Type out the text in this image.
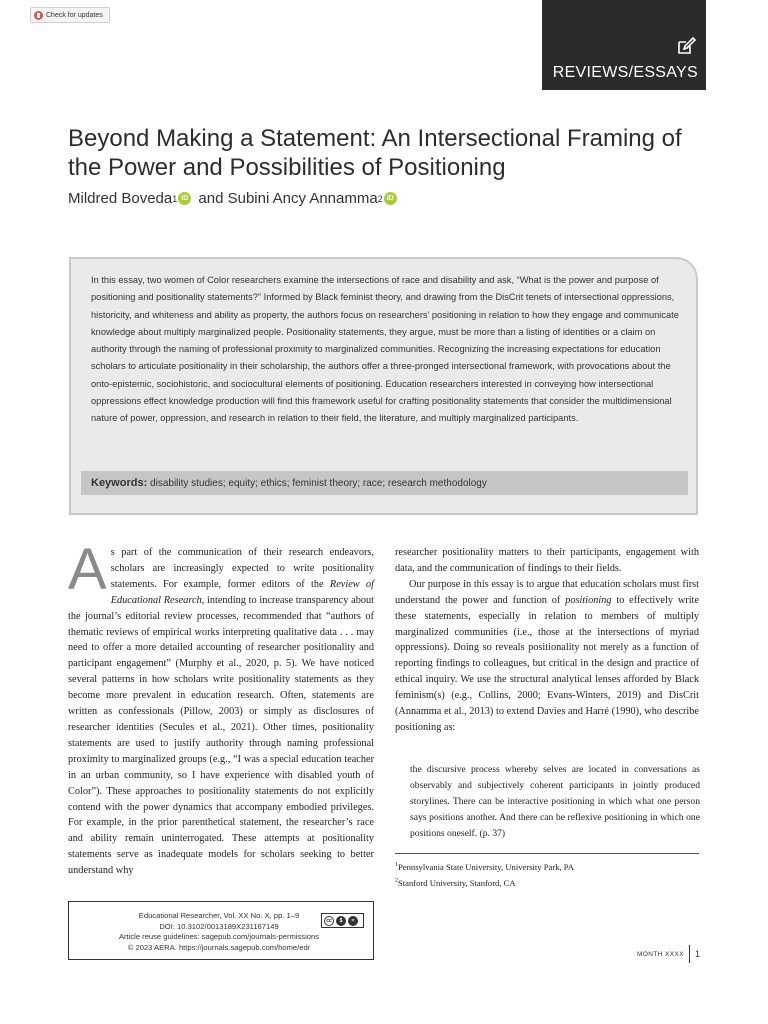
Check for updates
REVIEWS/ESSAYS
Beyond Making a Statement: An Intersectional Framing of the Power and Possibilities of Positioning
Mildred Boveda 1 iD
and Subini Ancy Annamma 2 iD

In this essay, two women of Color researchers examine the intersections of race and disability and ask, “What is the power and purpose of positioning and positionality statements?” Informed by Black feminist theory, and drawing from the DisCrit tenets of intersectional oppressions, historicity, and whiteness and ability as property, the authors focus on researchers’ positioning in relation to how they engage and communicate knowledge about multiply marginalized people. Positionality statements, they argue, must be more than a listing of identities or a claim on authority through the naming of professional proximity to marginalized communities. Recognizing the increasing expectations for education scholars to articulate positionality in their scholarship, the authors offer a three-pronged intersectional framework, with provocations about the onto-epistemic, sociohistoric, and sociocultural elements of positioning. Education researchers interested in conveying how intersectional oppressions effect knowledge production will find this framework useful for crafting positionality statements that consider the multidimensional nature of power, oppression, and research in relation to their field, the literature, and multiply marginalized participants.

Keywords: disability studies; equity; ethics; feminist theory; race; research methodology

As part of the communication of their research endeavors, scholars are increasingly expected to write positionality statements. For example, former editors of the Review of Educational Research, intending to increase transparency about the journal’s editorial review processes, recommended that “authors of thematic reviews of empirical works interpreting qualitative data . . . may need to offer a more detailed accounting of researcher positionality and participant engagement” (Murphy et al., 2020, p. 5). We have noticed several patterns in how scholars write positionality statements as they become more prevalent in education research. Often, statements are written as confessionals (Pillow, 2003) or simply as disclosures of researcher identities (Secules et al., 2021). Other times, positionality statements are used to justify authority through naming professional proximity to marginalized groups (e.g., “I was a special education teacher in an urban community, so I have experience with disabled youth of Color”). These approaches to positionality statements do not explicitly contend with the power dynamics that accompany embodied privileges. For example, in the prior parenthetical statement, the researcher’s race and ability remain uninterrogated. These attempts at positionality statements serve as inadequate models for scholars seeking to better understand why

researcher positionality matters to their participants, engagement with data, and the communication of findings to their fields.

Our purpose in this essay is to argue that education scholars must first understand the power and function of positioning to effectively write these statements, especially in relation to members of multiply marginalized communities (i.e., those at the intersections of myriad oppressions). Doing so reveals positionality not merely as a function of reporting findings to colleagues, but critical in the design and practice of ethical inquiry. We use the structural analytical lenses afforded by Black feminism(s) (e.g., Collins, 2000; Evans-Winters, 2019) and DisCrit (Annamma et al., 2013) to extend Davies and Harré (1990), who describe positioning as:

the discursive process whereby selves are located in conversations as observably and subjectively coherent participants in jointly produced storylines. There can be interactive positioning in which what one person says positions another. And there can be reflexive positioning in which one positions oneself. (p. 37)

$^1$Pennsylvania State University, University Park, PA
$^2$Stanford University, Stanford, CA
Educational Researcher, Vol. XX No. X, pp. 1–9
DOI: 10.3102/0013189X231167149
Article reuse guidelines: sagepub.com/journals-permissions
© 2023 AERA. https://journals.sagepub.com/home/edr
cc	$	=
MONTH XXXX 1
